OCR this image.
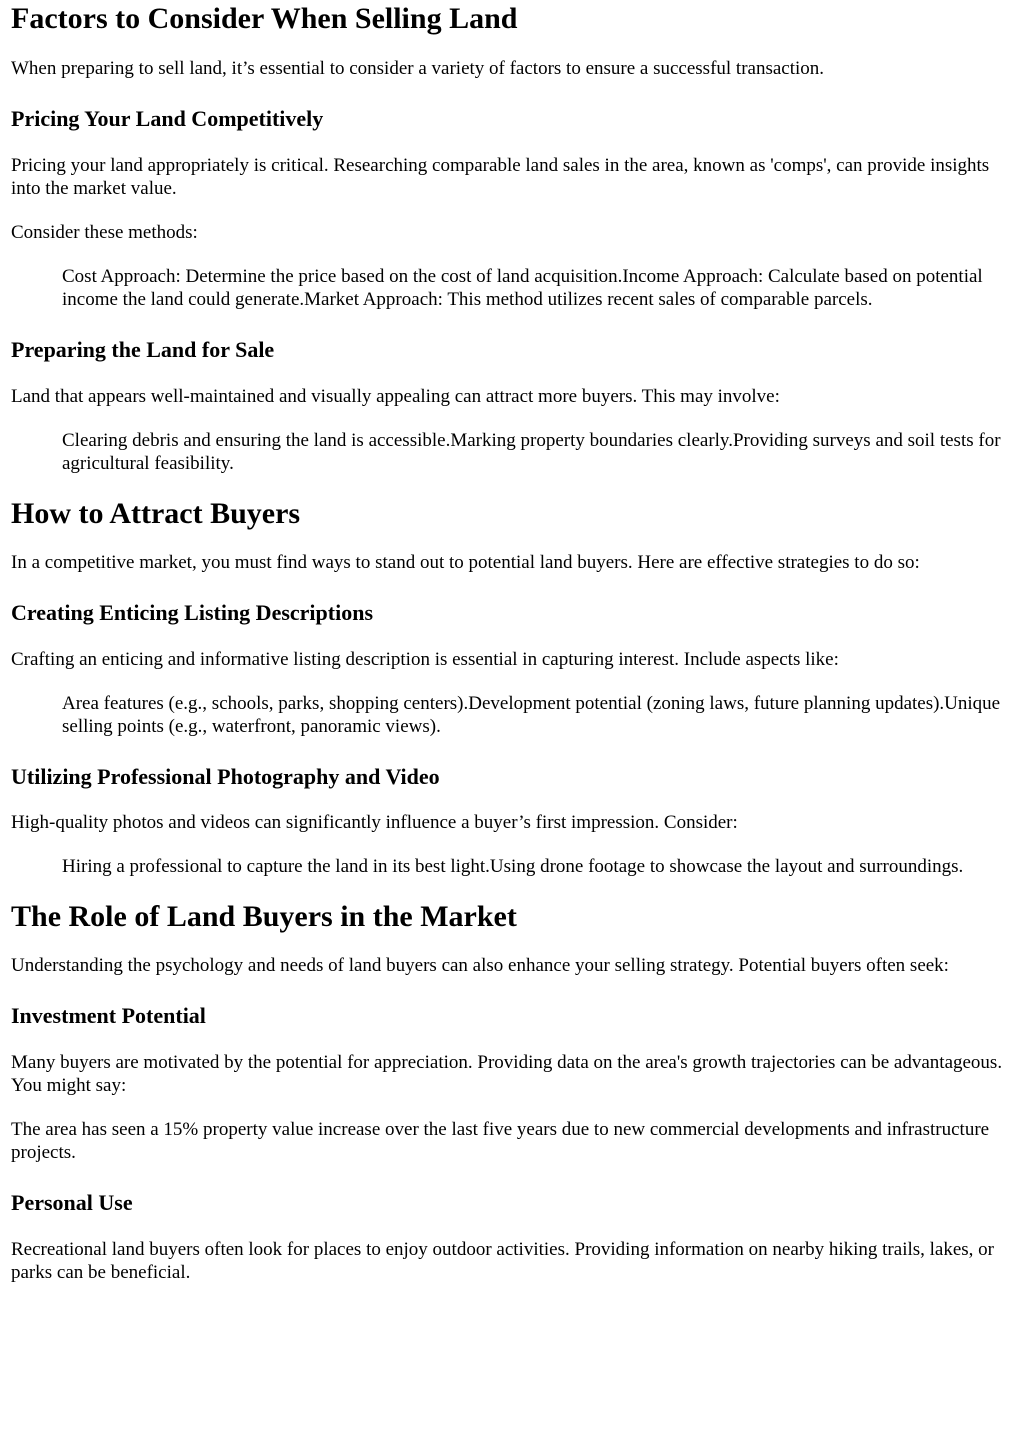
Factors to Consider When Selling Land

When preparing to sell land, it’s essential to consider a variety of factors to ensure a successful transaction.

Pricing Your Land Competitively

Pricing your land appropriately is critical. Researching comparable land sales in the area, known as 'comps', can provide insights into the market value.

Consider these methods:

Cost Approach: Determine the price based on the cost of land acquisition.Income Approach: Calculate based on potential income the land could generate.Market Approach: This method utilizes recent sales of comparable parcels.
Preparing the Land for Sale

Land that appears well-maintained and visually appealing can attract more buyers. This may involve:

Clearing debris and ensuring the land is accessible.Marking property boundaries clearly.Providing surveys and soil tests for agricultural feasibility.
How to Attract Buyers

In a competitive market, you must find ways to stand out to potential land buyers. Here are effective strategies to do so:

Creating Enticing Listing Descriptions

Crafting an enticing and informative listing description is essential in capturing interest. Include aspects like:

Area features (e.g., schools, parks, shopping centers).Development potential (zoning laws, future planning updates).Unique selling points (e.g., waterfront, panoramic views).
Utilizing Professional Photography and Video

High-quality photos and videos can significantly influence a buyer’s first impression. Consider:

Hiring a professional to capture the land in its best light.Using drone footage to showcase the layout and surroundings.
The Role of Land Buyers in the Market

Understanding the psychology and needs of land buyers can also enhance your selling strategy. Potential buyers often seek:

Investment Potential

Many buyers are motivated by the potential for appreciation. Providing data on the area's growth trajectories can be advantageous. You might say:

The area has seen a 15% property value increase over the last five years due to new commercial developments and infrastructure projects.

Personal Use

Recreational land buyers often look for places to enjoy outdoor activities. Providing information on nearby hiking trails, lakes, or parks can be beneficial.
